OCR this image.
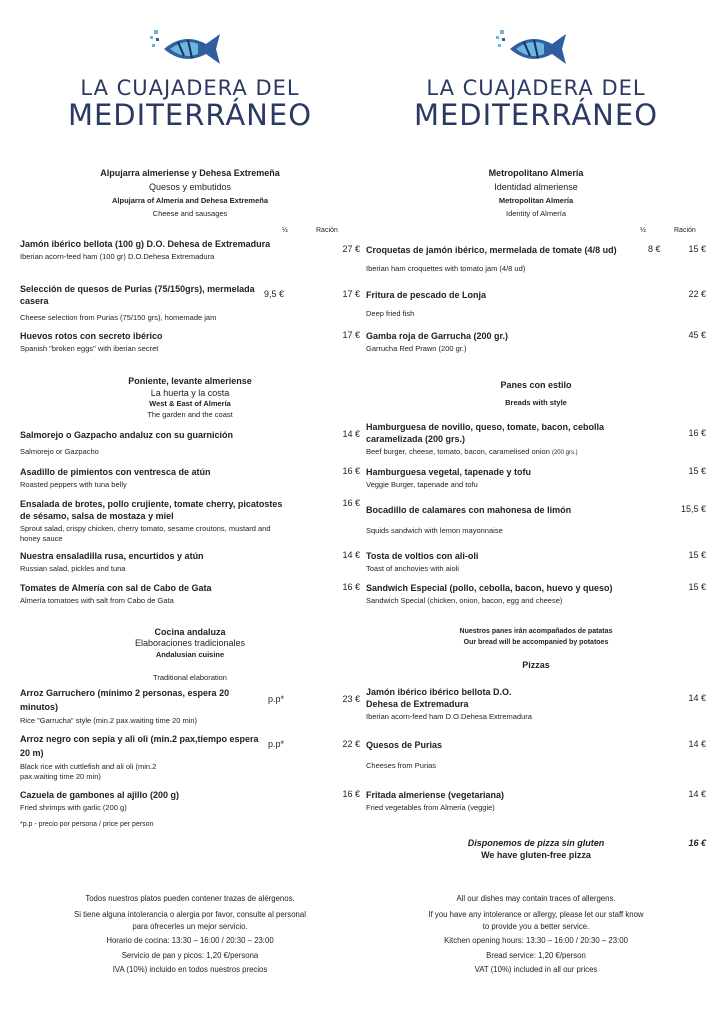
LA CUAJADERA DEL
MEDITERRÁNEO
Alpujarra almeriense y Dehesa Extremeña
Quesos y embutidos
Alpujarra of Almeria and Dehesa Extremeña
Cheese and sausages
½	Ración
Jamón ibérico bellota (100 g) D.O. Dehesa de Extremadura
Iberian acorn-feed ham (100 gr) D.O.Dehesa Extremadura
27 €
Selección de quesos de Purias (75/150grs), mermelada casera
Cheese selection from Purias (75/150 grs), homemade jam
9,5 €	17 €
Huevos rotos con secreto ibérico
Spanish "broken eggs" with iberian secret
17 €
Poniente, levante almeriense
La huerta y la costa
West & East of Almería
The garden and the coast
Salmorejo o Gazpacho andaluz con su guarnición
Salmorejo or Gazpacho
14 €
Asadillo de pimientos con ventresca de atún
Roasted peppers with tuna belly
16 €
Ensalada de brotes, pollo crujiente, tomate cherry, picatostes de sésamo, salsa de mostaza y miel
Sprout salad, crispy chicken, cherry tomato, sesame croutons, mustard and honey sauce
16 €
Nuestra ensaladilla rusa, encurtidos y atún
Russian salad, pickles and tuna
14 €
Tomates de Almería con sal de Cabo de Gata
Almería tomatoes with salt from Cabo de Gata
16 €
Cocina andaluza
Elaboraciones tradicionales
Andalusian cuisine
Traditional elaboration
Arroz Garruchero (mínimo 2 personas, espera 20 minutos)
Rice "Garrucha" style (min.2 pax.waiting time 20 min)
p.p*	23 €
Arroz negro con sepia y ali oli (min.2 pax,tiempo espera 20 m)
Black rice with cuttlefish and ali oli (min.2 pax.waiting time 20 min)
p.p*	22 €
Cazuela de gambones al ajillo (200 g)
Fried shrimps with garlic (200 g)
16 €
*p.p - precio por persona / price per person
Todos nuestros platos pueden contener trazas de alérgenos.
Si tiene alguna intolerancia o alergia por favor, consulte al personal
para ofrecerles un mejor servicio.
Horario de cocina: 13:30 – 16:00 / 20:30 – 23:00
Servicio de pan y picos: 1,20 €/persona
IVA (10%) incluido en todos nuestros precios
LA CUAJADERA DEL
MEDITERRÁNEO
Metropolitano Almería
Identidad almeriense
Metropolitan Almería
Identity of Almería
½	Ración
Croquetas de jamón ibérico, mermelada de tomate (4/8 ud)
Iberian ham croquettes with tomato jam (4/8 ud)
8 €	15 €
Fritura de pescado de Lonja
Deep fried fish
22 €
Gamba roja de Garrucha (200 gr.)
Garrucha Red Prawn (200 gr.)
45 €
Panes con estilo
Breads with style
Hamburguesa de novillo, queso, tomate, bacon, cebolla caramelizada (200 grs.)
Beef burger, cheese, tomato, bacon, caramelised onion (200 grs.)
16 €
Hamburguesa vegetal, tapenade y tofu
Veggie Burger, tapenade and tofu
15 €
Bocadillo de calamares con mahonesa de limón
Squids sandwich with lemon mayonnaise
15,5 €
Tosta de voltios con ali-oli
Toast of anchovies with aioli
15 €
Sandwich Especial (pollo, cebolla, bacon, huevo y queso)
Sandwich Special (chicken, onion, bacon, egg and cheese)
15 €
Nuestros panes irán acompañados de patatas
Our bread will be accompanied by potatoes
Pizzas
Jamón ibérico ibérico bellota D.O. Dehesa de Extremadura
Iberian acorn-feed ham D.O.Dehesa Extremadura
14 €
Quesos de Purias
Cheeses from Purias
14 €
Fritada almeriense (vegetariana)
Fried vegetables from Almeria (veggie)
14 €
Disponemos de pizza sin gluten
We have gluten-free pizza
16 €
All our dishes may contain traces of allergens.
If you have any intolerance or allergy, please let our staff know
to provide you a better service.
Kitchen opening hours: 13:30 – 16:00 / 20:30 – 23:00
Bread service: 1,20 €/person
VAT (10%) included in all our prices
